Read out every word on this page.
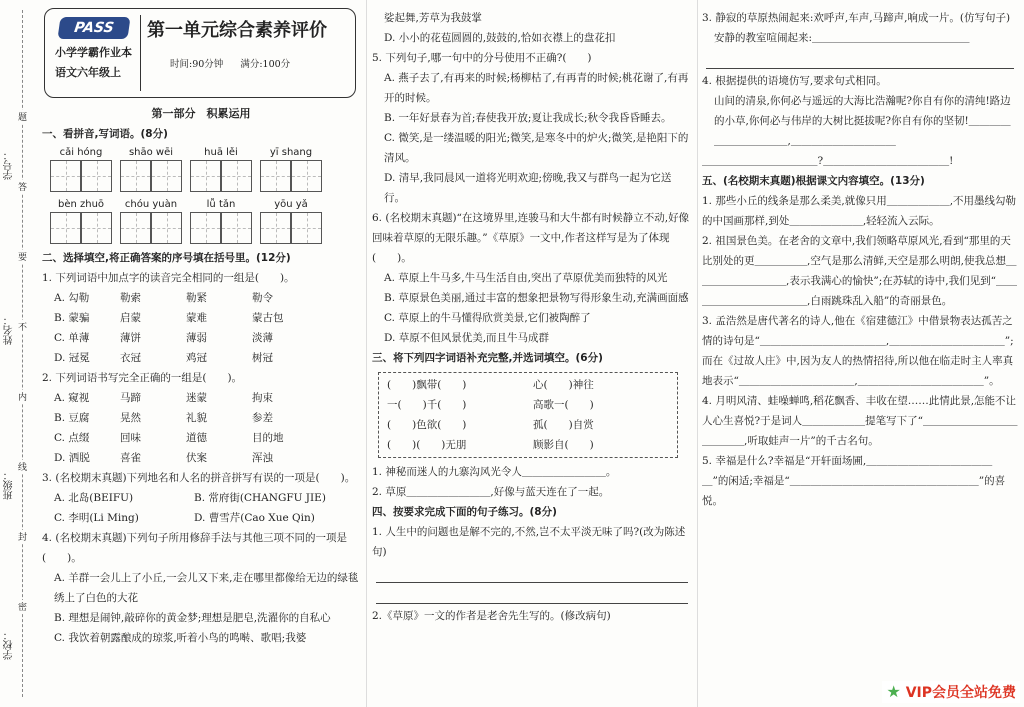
学号：
姓名：
班级：
学校：
题
答
要
不
内
线
封
密
PASS
小学学霸作业本
语文六年级上
第一单元综合素养评价
时间:90分钟 满分:100分
第一部分　积累运用
一、看拼音,写词语。(8分)
cǎi hóng	shāo wēi	huā lěi	yī shang
bèn zhuō	chóu yuàn	lǚ tǎn	yōu yǎ
二、选择填空,将正确答案的序号填在括号里。(12分)
1. 下列词语中加点字的读音完全相同的一组是(　　)。
A. 勾勒	勒索	勒紧	勒令
B. 蒙骗	启蒙	蒙难	蒙古包
C. 单薄	薄饼	薄弱	淡薄
D. 冠冕	衣冠	鸡冠	树冠
2. 下列词语书写完全正确的一组是(　　)。
A. 窥视	马蹄	迷蒙	拘束
B. 豆腐	晃然	礼貌	参差
C. 点缀	回味	道德	目的地
D. 洒脱	喜雀	伏案	浑浊
3. (名校期末真题)下列地名和人名的拼音拼写有误的一项是(　　)。
A. 北岛(BEIFU)	B. 常府街(CHANGFU JIE)
C. 李明(Li Ming)	D. 曹雪芹(Cao Xue Qin)
4. (名校期末真题)下列句子所用修辞手法与其他三项不同的一项是(　　)。
A. 羊群一会儿上了小丘,一会儿又下来,走在哪里都像给无边的绿毯绣上了白色的大花
B. 理想是闹钟,敲碎你的黄金梦;理想是肥皂,洗濯你的自私心
C. 我饮着朝露酿成的琼浆,听着小鸟的鸣啭、歌唱;我婆
娑起舞,芳草为我鼓掌
D. 小小的花苞圆圆的,鼓鼓的,恰如衣襟上的盘花扣
5. 下列句子,哪一句中的分号使用不正确?(　　)
A. 燕子去了,有再来的时候;杨柳枯了,有再青的时候;桃花谢了,有再开的时候。
B. 一年好景春为首;春使我开放;夏让我成长;秋令我昏昏睡去。
C. 微笑,是一缕温暖的阳光;微笑,是寒冬中的炉火;微笑,是艳阳下的清风。
D. 清早,我同晨风一道将光明欢迎;傍晚,我又与群鸟一起为它送行。
6. (名校期末真题)“在这境界里,连骏马和大牛都有时候静立不动,好像回味着草原的无限乐趣。”《草原》一文中,作者这样写是为了体现(　　)。
A. 草原上牛马多,牛马生活自由,突出了草原优美而独特的风光
B. 草原景色美丽,通过丰富的想象把景物写得形象生动,充满画面感
C. 草原上的牛马懂得欣赏美景,它们被陶醉了
D. 草原不但风景优美,而且牛马成群
三、将下列四字词语补充完整,并选词填空。(6分)
(　　)飘带(　　)	心(　　)神往
一(　　)千(　　)	高歌一(　　)
(　　)色欲(　　)	孤(　　)自赏
(　　)(　　)无朋	顾影自(　　)
1. 神秘而迷人的九寨沟风光令人＿＿＿＿＿＿＿＿。
2. 草原＿＿＿＿＿＿＿＿,好像与蓝天连在了一起。
四、按要求完成下面的句子练习。(8分)
1. 人生中的问题也是解不完的,不然,岂不太平淡无味了吗?(改为陈述句)
2.《草原》一文的作者是老舍先生写的。(修改病句)
3. 静寂的草原热闹起来:欢呼声,车声,马蹄声,响成一片。(仿写句子)
安静的教室喧闹起来:＿＿＿＿＿＿＿＿＿＿＿＿＿＿＿
4. 根据提供的语境仿写,要求句式相同。
山间的清泉,你何必与遥远的大海比浩瀚呢?你自有你的清纯!路边的小草,你何必与伟岸的大树比挺拔呢?你自有你的坚韧!＿＿＿＿＿＿＿＿＿＿＿,＿＿＿＿＿＿＿＿＿＿
＿＿＿＿＿＿＿＿＿＿＿?＿＿＿＿＿＿＿＿＿＿＿＿!
五、(名校期末真题)根据课文内容填空。(13分)
1. 那些小丘的线条是那么柔美,就像只用＿＿＿＿＿＿,不用墨线勾勒的中国画那样,到处＿＿＿＿＿＿＿,轻轻流入云际。
2. 祖国景色美。在老舍的文章中,我们领略草原风光,看到“那里的天比别处的更＿＿＿＿＿,空气是那么清鲜,天空是那么明朗,使我总想＿＿＿＿＿＿＿＿＿,表示我满心的愉快”;在苏轼的诗中,我们见到“＿＿＿＿＿＿＿＿＿＿＿＿,白雨跳珠乱入船”的奇丽景色。
3. 孟浩然是唐代著名的诗人,他在《宿建德江》中借景物表达孤苦之情的诗句是“＿＿＿＿＿＿＿＿＿＿＿＿,＿＿＿＿＿＿＿＿＿＿＿”;而在《过故人庄》中,因为友人的热情招待,所以他在临走时主人率真地表示“＿＿＿＿＿＿＿＿＿＿＿,＿＿＿＿＿＿＿＿＿＿＿＿”。
4. 月明风清、蛙噪蝉鸣,稻花飘香、丰收在望……此情此景,怎能不让人心生喜悦?于是词人＿＿＿＿＿＿提笔写下了“＿＿＿＿＿＿＿＿＿＿＿＿＿,听取蛙声一片”的千古名句。
5. 幸福是什么?幸福是“开轩面场圃,＿＿＿＿＿＿＿＿＿＿＿＿＿”的闲适;幸福是“＿＿＿＿＿＿＿＿＿＿＿＿＿＿＿＿＿＿”的喜悦。
★ VIP会员全站免费
